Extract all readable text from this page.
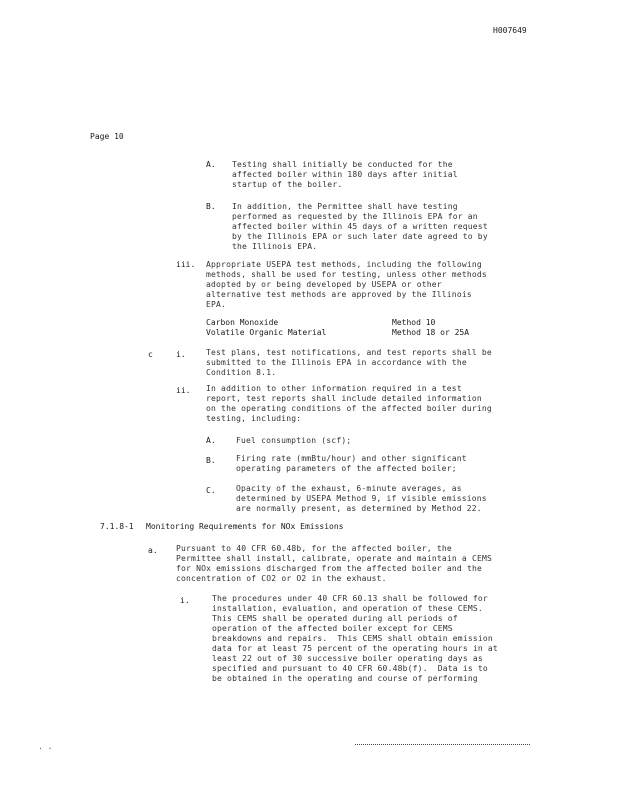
H007649
Page 10
A. Testing shall initially be conducted for the
affected boiler within 180 days after initial
startup of the boiler.
B. In addition, the Permittee shall have testing
performed as requested by the Illinois EPA for an
affected boiler within 45 days of a written request
by the Illinois EPA or such later date agreed to by
the Illinois EPA.
iii. Appropriate USEPA test methods, including the following
methods, shall be used for testing, unless other methods
adopted by or being developed by USEPA or other
alternative test methods are approved by the Illinois
EPA.
Carbon Monoxide	Method 10
Volatile Organic Material	Method 18 or 25A
c	i.	Test plans, test notifications, and test reports shall be
submitted to the Illinois EPA in accordance with the
Condition 8.1.
ii. In addition to other information required in a test
report, test reports shall include detailed information
on the operating conditions of the affected boiler during
testing, including:
A.	Fuel consumption (scf);
B.	Firing rate (mmBtu/hour) and other significant
operating parameters of the affected boiler;
C.	Opacity of the exhaust, 6-minute averages, as
determined by USEPA Method 9, if visible emissions
are normally present, as determined by Method 22.
7.1.8-1 Monitoring Requirements for NOx Emissions
a. Pursuant to 40 CFR 60.48b, for the affected boiler, the
Permittee shall install, calibrate, operate and maintain a CEMS
for NOx emissions discharged from the affected boiler and the
concentration of CO2 or O2 in the exhaust.
i.	The procedures under 40 CFR 60.13 shall be followed for
installation, evaluation, and operation of these CEMS.
This CEMS shall be operated during all periods of
operation of the affected boiler except for CEMS
breakdowns and repairs.  This CEMS shall obtain emission
data for at least 75 percent of the operating hours in at
least 22 out of 30 successive boiler operating days as
specified and pursuant to 40 CFR 60.48b(f).  Data is to
be obtained in the operating and course of performing
· ·
